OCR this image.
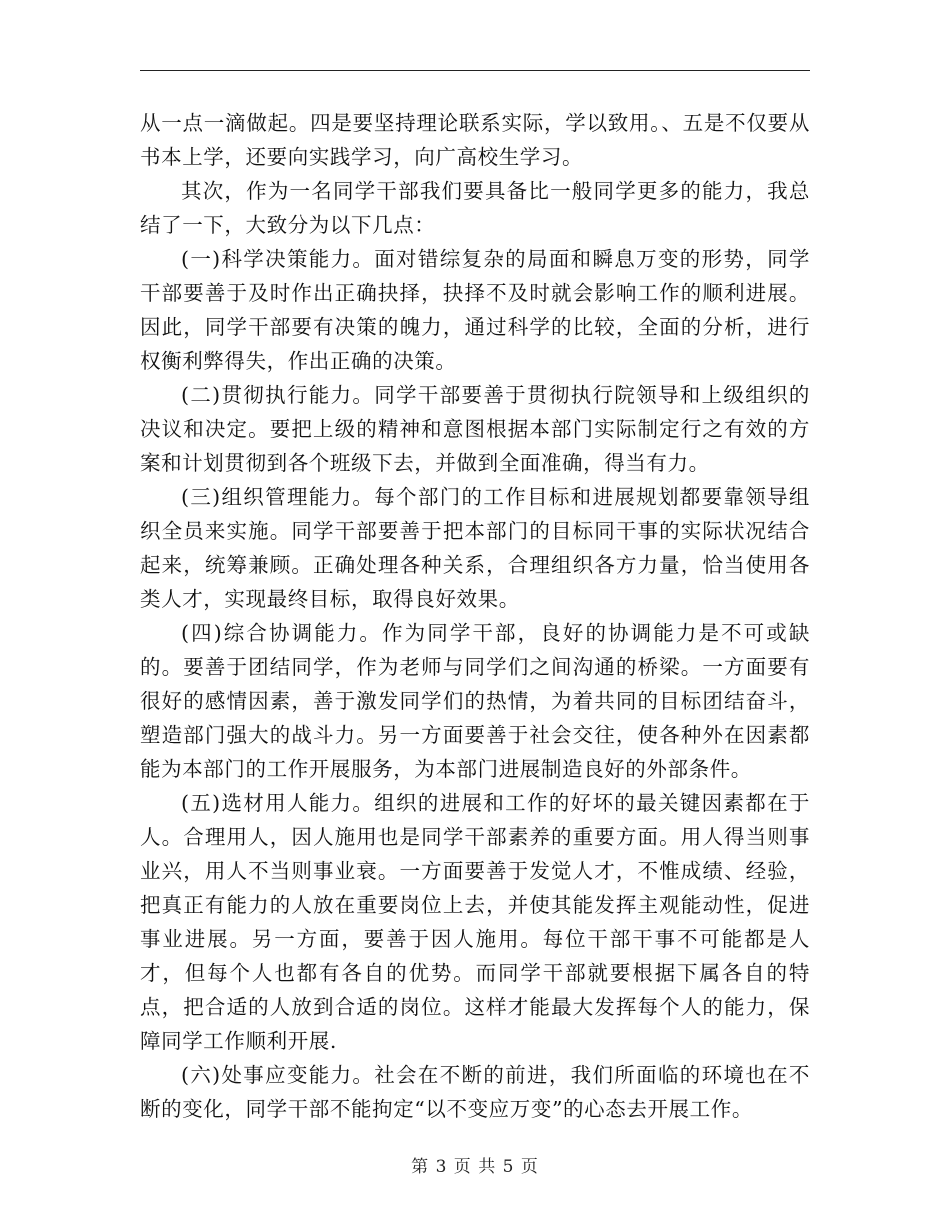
从一点一滴做起。四是要坚持理论联系实际，学以致用。、五是不仅要从书本上学，还要向实践学习，向广高校生学习。

其次，作为一名同学干部我们要具备比一般同学更多的能力，我总结了一下，大致分为以下几点：

(一)科学决策能力。面对错综复杂的局面和瞬息万变的形势，同学干部要善于及时作出正确抉择，抉择不及时就会影响工作的顺利进展。因此，同学干部要有决策的魄力，通过科学的比较，全面的分析，进行权衡利弊得失，作出正确的决策。

(二)贯彻执行能力。同学干部要善于贯彻执行院领导和上级组织的决议和决定。要把上级的精神和意图根据本部门实际制定行之有效的方案和计划贯彻到各个班级下去，并做到全面准确，得当有力。

(三)组织管理能力。每个部门的工作目标和进展规划都要靠领导组织全员来实施。同学干部要善于把本部门的目标同干事的实际状况结合起来，统筹兼顾。正确处理各种关系，合理组织各方力量，恰当使用各类人才，实现最终目标，取得良好效果。

(四)综合协调能力。作为同学干部，良好的协调能力是不可或缺的。要善于团结同学，作为老师与同学们之间沟通的桥梁。一方面要有很好的感情因素，善于激发同学们的热情，为着共同的目标团结奋斗，塑造部门强大的战斗力。另一方面要善于社会交往，使各种外在因素都能为本部门的工作开展服务，为本部门进展制造良好的外部条件。

(五)选材用人能力。组织的进展和工作的好坏的最关键因素都在于人。合理用人，因人施用也是同学干部素养的重要方面。用人得当则事业兴，用人不当则事业衰。一方面要善于发觉人才，不惟成绩、经验，把真正有能力的人放在重要岗位上去，并使其能发挥主观能动性，促进事业进展。另一方面，要善于因人施用。每位干部干事不可能都是人才，但每个人也都有各自的优势。而同学干部就要根据下属各自的特点，把合适的人放到合适的岗位。这样才能最大发挥每个人的能力，保障同学工作顺利开展.

(六)处事应变能力。社会在不断的前进，我们所面临的环境也在不断的变化，同学干部不能拘定“以不变应万变”的心态去开展工作。

第 3 页 共 5 页
